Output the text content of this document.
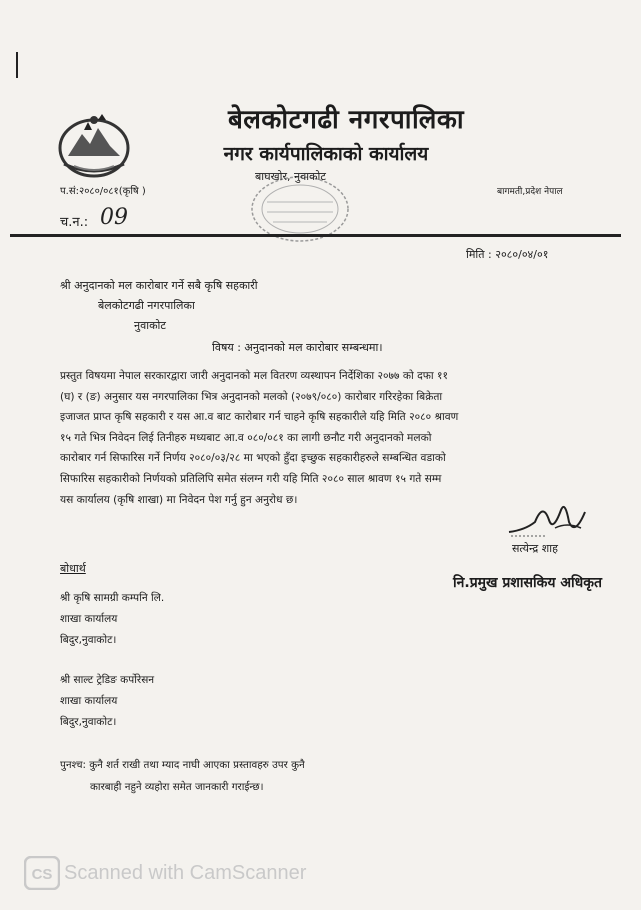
बेलकोटगढी नगरपालिका
नगर कार्यपालिकाको कार्यालय
बाघखोर, नुवाकोट
प.सं:२०८०/०८१(कृषि )	बागमती,प्रदेश नेपाल
च.न.: 09
मिति : २०८०/०४/०१
श्री अनुदानको मल कारोबार गर्ने सबै कृषि सहकारी
बेलकोटगढी नगरपालिका
नुवाकोट
विषय : अनुदानको मल कारोबार सम्बन्धमा।
प्रस्तुत विषयमा नेपाल सरकारद्वारा जारी अनुदानको मल वितरण व्यस्थापन निर्देशिका २०७७ को दफा ११
(घ) र (ङ) अनुसार यस नगरपालिका भित्र अनुदानको मलको (२०७९/०८०) कारोबार गरिरहेका बिक्रेता
इजाजत प्राप्त कृषि सहकारी र यस आ.व बाट कारोबार गर्न चाहने कृषि सहकारीले यहि मिति २०८० श्रावण
१५ गते भित्र निवेदन लिई तिनीहरु मध्यबाट आ.व ०८०/०८१ का लागी छनौट गरी अनुदानको मलको
कारोबार गर्न सिफारिस गर्ने निर्णय २०८०/०३/२८ मा भएको हुँदा इच्छुक सहकारीहरुले सम्बन्धित वडाको
सिफारिस सहकारीको निर्णयको प्रतिलिपि समेत संलग्न गरी यहि मिति २०८० साल श्रावण १५ गते सम्म
यस कार्यालय (कृषि शाखा) मा निवेदन पेश गर्नु हुन अनुरोध छ।
सत्येन्द्र शाह
नि.प्रमुख प्रशासकिय अधिकृत
बोधार्थ
श्री कृषि सामग्री कम्पनि लि.
शाखा कार्यालय
बिदुर,नुवाकोट।
श्री साल्ट ट्रेडिङ कर्पोरेसन
शाखा कार्यालय
बिदुर,नुवाकोट।
पुनश्च: कुनै शर्त राखी तथा म्याद नाघी आएका प्रस्तावहरु उपर कुनै
कारबाही नहुने व्यहोरा समेत जानकारी गराईन्छ।
CS Scanned with CamScanner
